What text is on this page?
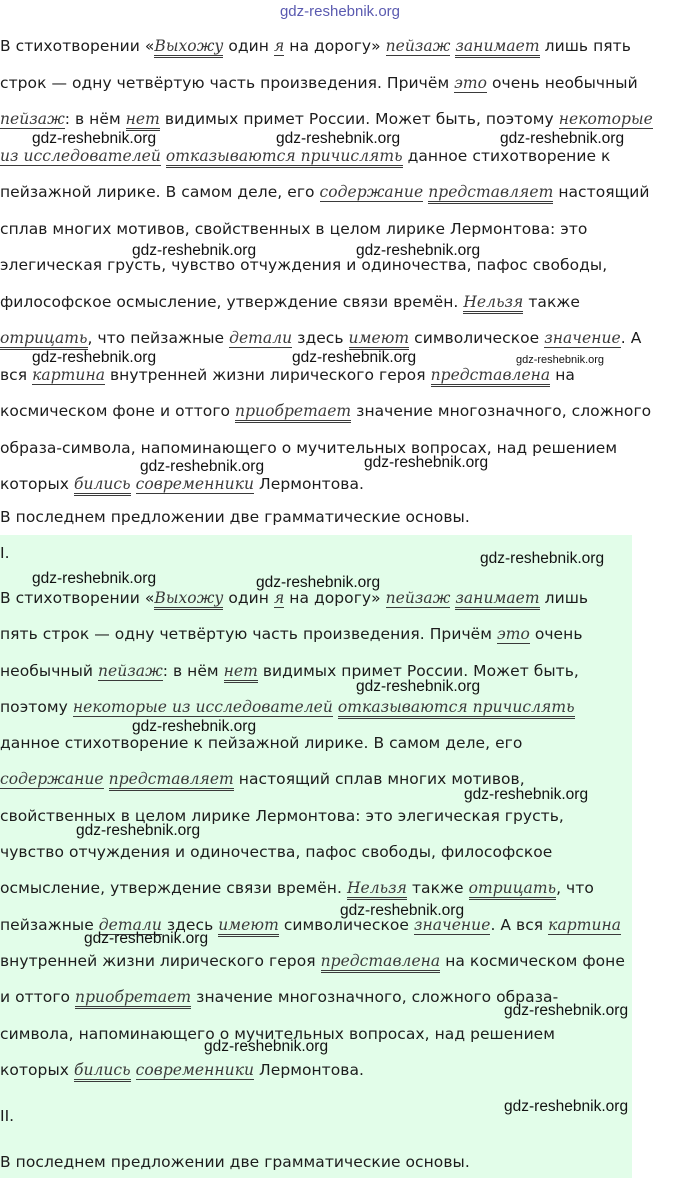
gdz-reshebnik.org

В стихотворении «Выхожу один я на дорогу» пейзаж занимает лишь пять строк — одну четвёртую часть произведения. Причём это очень необычный пейзаж: в нём нет видимых примет России. Может быть, поэтому некоторые из исследователей отказываются причислять данное стихотворение к пейзажной лирике. В самом деле, его содержание представляет настоящий сплав многих мотивов, свойственных в целом лирике Лермонтова: это элегическая грусть, чувство отчуждения и одиночества, пафос свободы, философское осмысление, утверждение связи времён. Нельзя также отрицать, что пейзажные детали здесь имеют символическое значение. А вся картина внутренней жизни лирического героя представлена на космическом фоне и оттого приобретает значение многозначного, сложного образа-символа, напоминающего о мучительных вопросах, над решением которых бились современники Лермонтова.

В последнем предложении две грамматические основы.

I.

В стихотворении «Выхожу один я на дорогу» пейзаж занимает лишь пять строк — одну четвёртую часть произведения. Причём это очень необычный пейзаж: в нём нет видимых примет России. Может быть, поэтому некоторые из исследователей отказываются причислять данное стихотворение к пейзажной лирике. В самом деле, его содержание представляет настоящий сплав многих мотивов, свойственных в целом лирике Лермонтова: это элегическая грусть, чувство отчуждения и одиночества, пафос свободы, философское осмысление, утверждение связи времён. Нельзя также отрицать, что пейзажные детали здесь имеют символическое значение. А вся картина внутренней жизни лирического героя представлена на космическом фоне и оттого приобретает значение многозначного, сложного образа-символа, напоминающего о мучительных вопросах, над решением которых бились современники Лермонтова.

II.

В последнем предложении две грамматические основы.

gdz-reshebnik.org	gdz-reshebnik.org	gdz-reshebnik.org
gdz-reshebnik.org	gdz-reshebnik.org
gdz-reshebnik.org	gdz-reshebnik.org	gdz-reshebnik.org
gdz-reshebnik.org	gdz-reshebnik.org
gdz-reshebnik.org
gdz-reshebnik.org	gdz-reshebnik.org
gdz-reshebnik.org
gdz-reshebnik.org
gdz-reshebnik.org
gdz-reshebnik.org
gdz-reshebnik.org
gdz-reshebnik.org
gdz-reshebnik.org
gdz-reshebnik.org
gdz-reshebnik.org
